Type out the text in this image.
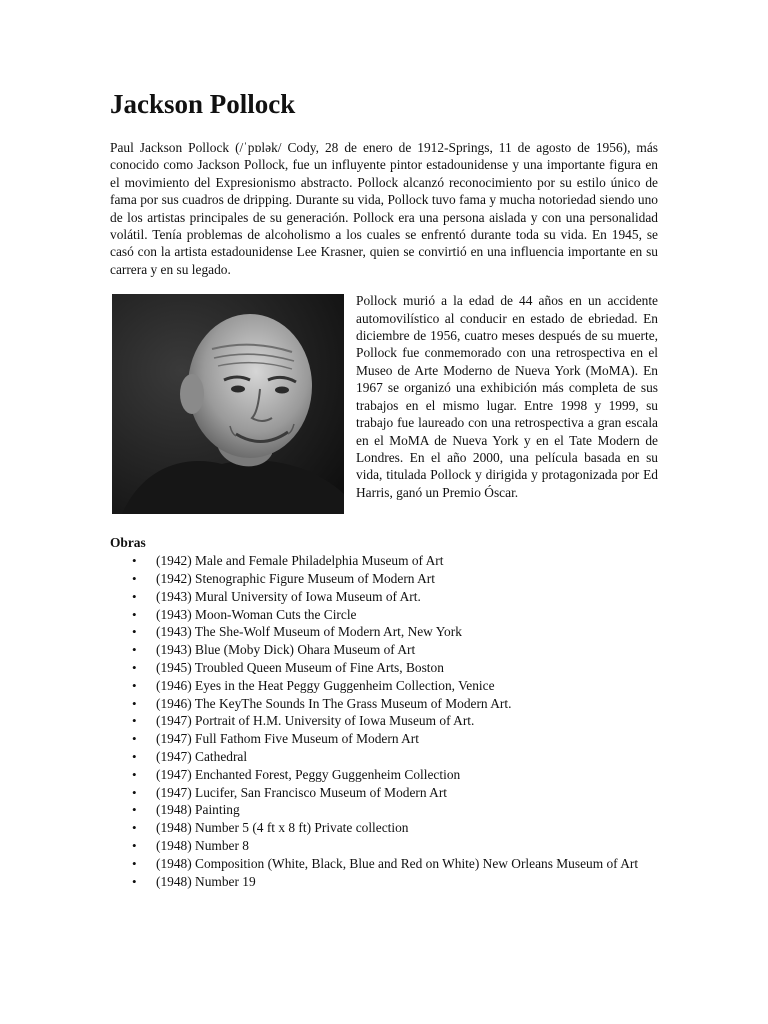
Jackson Pollock

Paul Jackson Pollock (/ˈpɒlək/ Cody, 28 de enero de 1912-Springs, 11 de agosto de 1956), más conocido como Jackson Pollock, fue un influyente pintor estadounidense y una importante figura en el movimiento del Expresionismo abstracto. Pollock alcanzó reconocimiento por su estilo único de fama por sus cuadros de dripping. Durante su vida, Pollock tuvo fama y mucha notoriedad siendo uno de los artistas principales de su generación. Pollock era una persona aislada y con una personalidad volátil. Tenía problemas de alcoholismo a los cuales se enfrentó durante toda su vida. En 1945, se casó con la artista estadounidense Lee Krasner, quien se convirtió en una influencia importante en su carrera y en su legado.

Pollock murió a la edad de 44 años en un accidente automovilístico al conducir en estado de ebriedad. En diciembre de 1956, cuatro meses después de su muerte, Pollock fue conmemorado con una retrospectiva en el Museo de Arte Moderno de Nueva York (MoMA). En 1967 se organizó una exhibición más completa de sus trabajos en el mismo lugar. Entre 1998 y 1999, su trabajo fue laureado con una retrospectiva a gran escala en el MoMA de Nueva York y en el Tate Modern de Londres. En el año 2000, una película basada en su vida, titulada Pollock y dirigida y protagonizada por Ed Harris, ganó un Premio Óscar.

Obras

• (1942) Male and Female Philadelphia Museum of Art
• (1942) Stenographic Figure Museum of Modern Art
• (1943) Mural University of Iowa Museum of Art.
• (1943) Moon-Woman Cuts the Circle
• (1943) The She-Wolf Museum of Modern Art, New York
• (1943) Blue (Moby Dick) Ohara Museum of Art
• (1945) Troubled Queen Museum of Fine Arts, Boston
• (1946) Eyes in the Heat Peggy Guggenheim Collection, Venice
• (1946) The KeyThe Sounds In The Grass Museum of Modern Art.
• (1947) Portrait of H.M. University of Iowa Museum of Art.
• (1947) Full Fathom Five Museum of Modern Art
• (1947) Cathedral
• (1947) Enchanted Forest, Peggy Guggenheim Collection
• (1947) Lucifer, San Francisco Museum of Modern Art
• (1948) Painting
• (1948) Number 5 (4 ft x 8 ft) Private collection
• (1948) Number 8
• (1948) Composition (White, Black, Blue and Red on White) New Orleans Museum of Art
• (1948) Number 19
